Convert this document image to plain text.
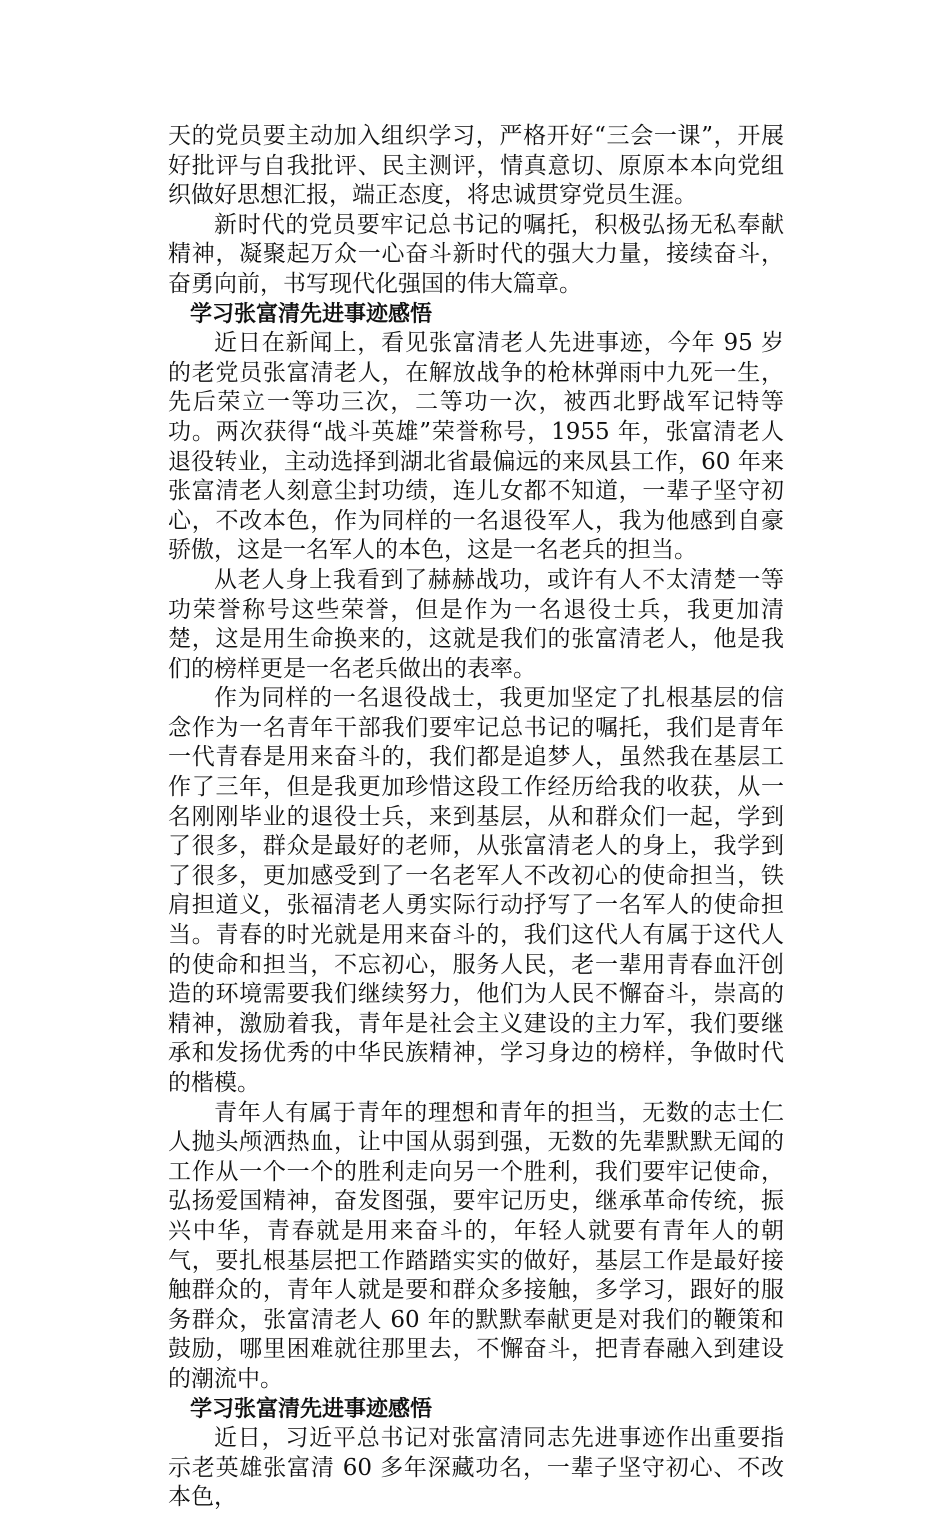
天的党员要主动加入组织学习，严格开好“三会一课”，开展好批评与自我批评、民主测评，情真意切、原原本本向党组织做好思想汇报，端正态度，将忠诚贯穿党员生涯。

新时代的党员要牢记总书记的嘱托，积极弘扬无私奉献精神，凝聚起万众一心奋斗新时代的强大力量，接续奋斗，奋勇向前，书写现代化强国的伟大篇章。

学习张富清先进事迹感悟

近日在新闻上，看见张富清老人先进事迹，今年 95 岁的老党员张富清老人，在解放战争的枪林弹雨中九死一生，先后荣立一等功三次，二等功一次，被西北野战军记特等功。两次获得“战斗英雄”荣誉称号，1955 年，张富清老人退役转业，主动选择到湖北省最偏远的来凤县工作，60 年来张富清老人刻意尘封功绩，连儿女都不知道，一辈子坚守初心，不改本色，作为同样的一名退役军人，我为他感到自豪骄傲，这是一名军人的本色，这是一名老兵的担当。

从老人身上我看到了赫赫战功，或许有人不太清楚一等功荣誉称号这些荣誉，但是作为一名退役士兵，我更加清楚，这是用生命换来的，这就是我们的张富清老人，他是我们的榜样更是一名老兵做出的表率。

作为同样的一名退役战士，我更加坚定了扎根基层的信念作为一名青年干部我们要牢记总书记的嘱托，我们是青年一代青春是用来奋斗的，我们都是追梦人，虽然我在基层工作了三年，但是我更加珍惜这段工作经历给我的收获，从一名刚刚毕业的退役士兵，来到基层，从和群众们一起，学到了很多，群众是最好的老师，从张富清老人的身上，我学到了很多，更加感受到了一名老军人不改初心的使命担当，铁肩担道义，张福清老人勇实际行动抒写了一名军人的使命担当。青春的时光就是用来奋斗的，我们这代人有属于这代人的使命和担当，不忘初心，服务人民，老一辈用青春血汗创造的环境需要我们继续努力，他们为人民不懈奋斗，崇高的精神，激励着我，青年是社会主义建设的主力军，我们要继承和发扬优秀的中华民族精神，学习身边的榜样，争做时代的楷模。

青年人有属于青年的理想和青年的担当，无数的志士仁人抛头颅洒热血，让中国从弱到强，无数的先辈默默无闻的工作从一个一个的胜利走向另一个胜利，我们要牢记使命，弘扬爱国精神，奋发图强，要牢记历史，继承革命传统，振兴中华，青春就是用来奋斗的，年轻人就要有青年人的朝气，要扎根基层把工作踏踏实实的做好，基层工作是最好接触群众的，青年人就是要和群众多接触，多学习，跟好的服务群众，张富清老人 60 年的默默奉献更是对我们的鞭策和鼓励，哪里困难就往那里去，不懈奋斗，把青春融入到建设的潮流中。

学习张富清先进事迹感悟

近日，习近平总书记对张富清同志先进事迹作出重要指示老英雄张富清 60 多年深藏功名，一辈子坚守初心、不改本色，
